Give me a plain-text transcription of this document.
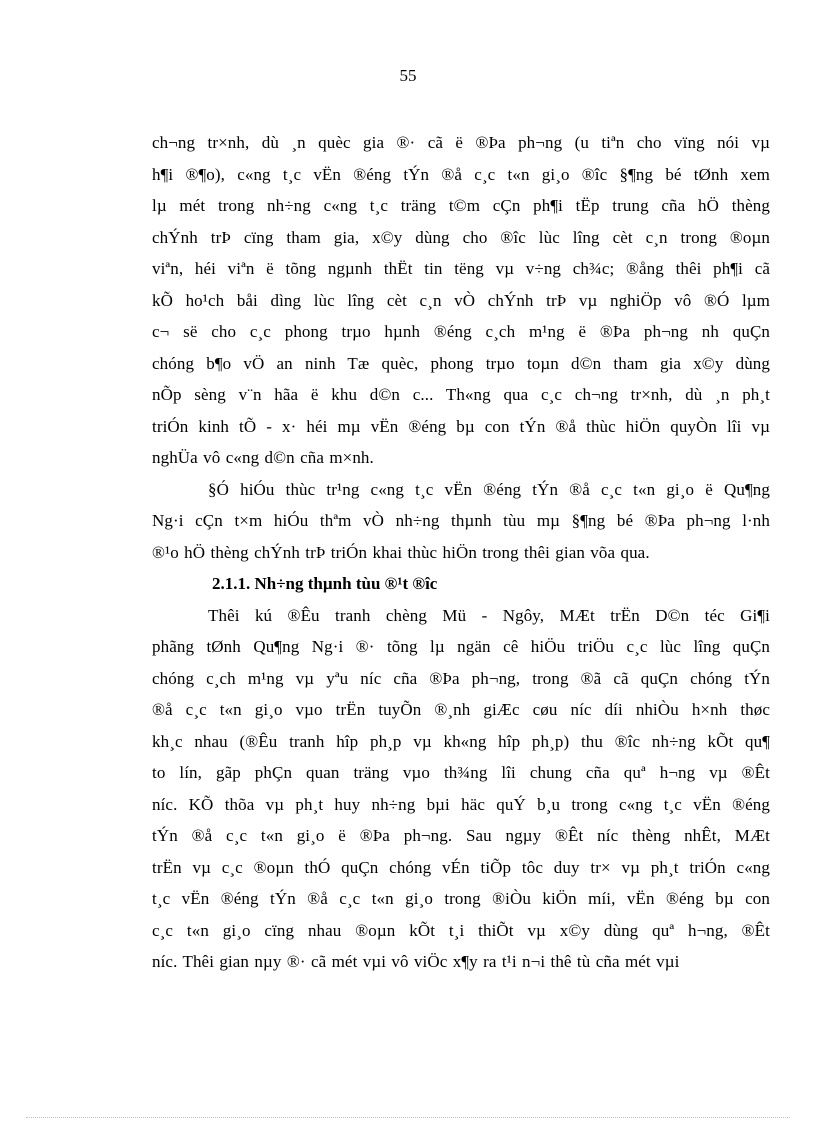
55

ch¬ng tr×nh, dù ¸n quèc gia ®· cã ë ®Þa ph¬ng (u tiªn cho vïng nói vµ
h¶i ®¶o), c«ng t¸c vËn ®éng tÝn ®å c¸c t«n gi¸o ®îc §¶ng bé tØnh xem
lµ mét trong nh÷ng c«ng t¸c träng t©m cÇn ph¶i tËp trung cña hÖ thèng
chÝnh trÞ cïng tham gia, x©y dùng cho ®îc lùc lîng cèt c¸n trong ®oµn
viªn, héi viªn ë tõng ngµnh thËt tin tëng vµ v÷ng ch¾c; ®ång thêi ph¶i cã
kÕ ho¹ch båi dìng lùc lîng cèt c¸n vÒ chÝnh trÞ vµ nghiÖp vô ®Ó lµm
c¬ së cho c¸c phong trµo hµnh ®éng c¸ch m¹ng ë ®Þa ph¬ng nh quÇn
chóng b¶o vÖ an ninh Tæ quèc, phong trµo toµn d©n tham gia x©y dùng
nÕp sèng v¨n hãa ë khu d©n c... Th«ng qua c¸c ch¬ng tr×nh, dù ¸n ph¸t
triÓn kinh tÕ - x· héi mµ vËn ®éng bµ con tÝn ®å thùc hiÖn quyÒn lîi vµ
nghÜa vô c«ng d©n cña m×nh.

§Ó hiÓu thùc tr¹ng c«ng t¸c vËn ®éng tÝn ®å c¸c t«n gi¸o ë Qu¶ng
Ng·i cÇn t×m hiÓu thªm vÒ nh÷ng thµnh tùu mµ §¶ng bé ®Þa ph¬ng l·nh
®¹o hÖ thèng chÝnh trÞ triÓn khai thùc hiÖn trong thêi gian võa qua.

2.1.1. Nh÷ng thµnh tùu ®¹t ®îc

Thêi kú ®Êu tranh chèng Mü - Ngôy, MÆt trËn D©n téc Gi¶i
phãng tØnh Qu¶ng Ng·i ®· tõng lµ ngän cê hiÖu triÖu c¸c lùc lîng quÇn
chóng c¸ch m¹ng vµ yªu níc cña ®Þa ph¬ng, trong ®ã cã quÇn chóng tÝn
®å c¸c t«n gi¸o vµo trËn tuyÕn ®¸nh giÆc cøu níc díi nhiÒu h×nh thøc
kh¸c nhau (®Êu tranh hîp ph¸p vµ kh«ng hîp ph¸p) thu ®îc nh÷ng kÕt qu¶
to lín, gãp phÇn quan träng vµo th¾ng lîi chung cña quª h¬ng vµ ®Êt
níc. KÕ thõa vµ ph¸t huy nh÷ng bµi häc quÝ b¸u trong c«ng t¸c vËn ®éng
tÝn ®å c¸c t«n gi¸o ë ®Þa ph¬ng. Sau ngµy ®Êt níc thèng nhÊt, MÆt
trËn vµ c¸c ®oµn thÓ quÇn chóng vÉn tiÕp tôc duy tr× vµ ph¸t triÓn c«ng
t¸c vËn ®éng tÝn ®å c¸c t«n gi¸o trong ®iÒu kiÖn míi, vËn ®éng bµ con
c¸c t«n gi¸o cïng nhau ®oµn kÕt t¸i thiÕt vµ x©y dùng quª h¬ng, ®Êt
níc. Thêi gian nµy ®· cã mét vµi vô viÖc x¶y ra t¹i n¬i thê tù cña mét vµi
